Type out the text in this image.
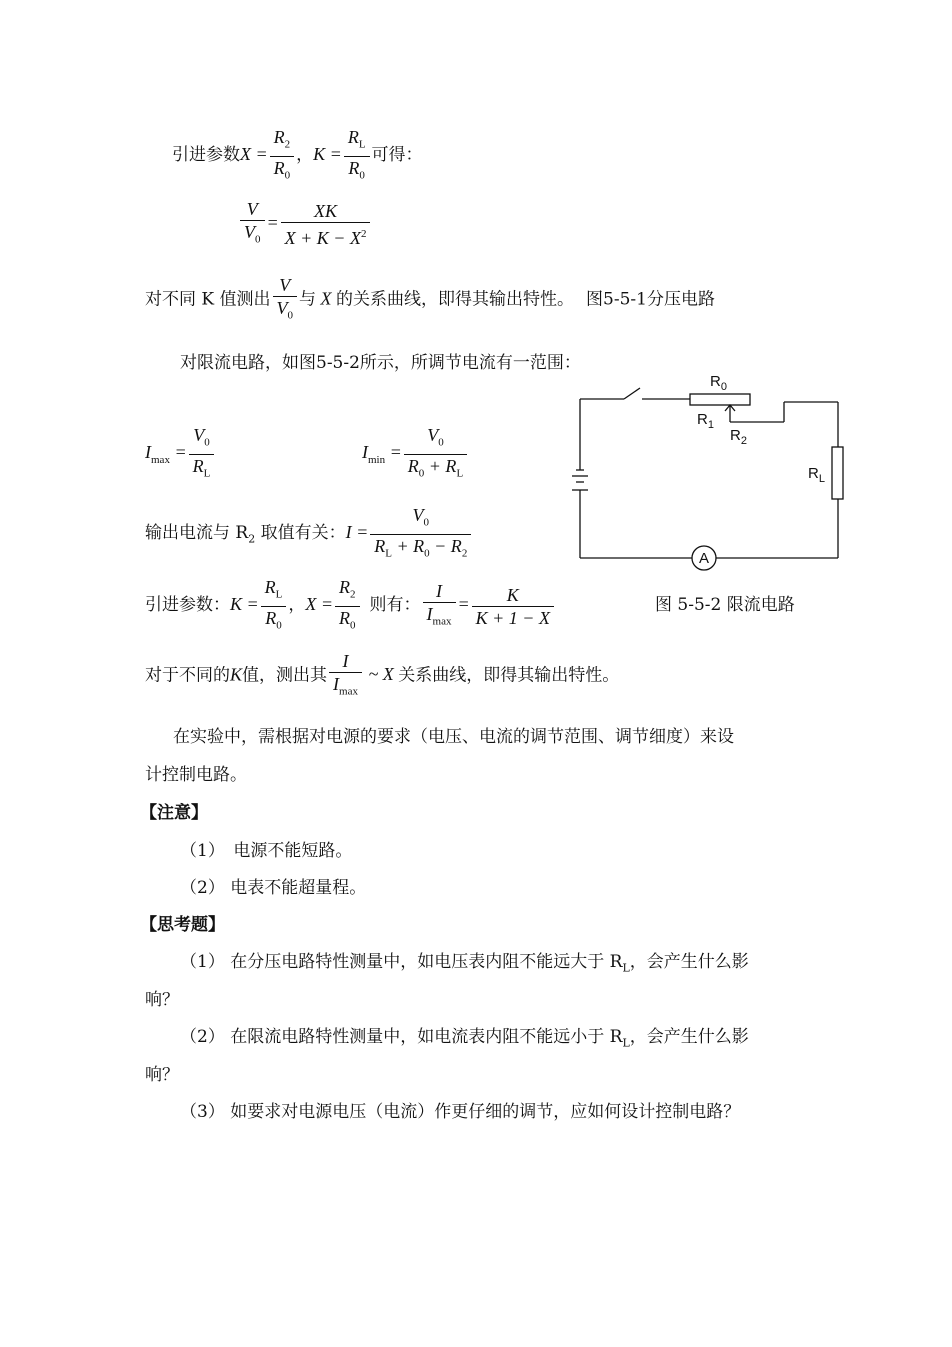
引进参数$X = \frac{R_2}{R_0}$ ，$K = \frac{R_L}{R_0}$ 可得：
$\frac{V}{V_0} = \frac{XK}{X + K - X^2}$
对不同 K 值测出 $\frac{V}{V_0}$ 与 X 的关系曲线，即得其输出特性。 图5-5-1分压电路
对限流电路，如图5-5-2所示，所调节电流有一范围：
$I_{max} = \frac{V_0}{R_L}$	$I_{min} = \frac{V_0}{R_0 + R_L}$
输出电流与 $R_2$ 取值有关：$I = \frac{V_0}{R_L + R_0 - R_2}$
引进参数：$K = \frac{R_L}{R_0}$ ，$X = \frac{R_2}{R_0}$ 则有： $\frac{I}{I_{max}} = \frac{K}{K + 1 - X}$	图 5-5-2 限流电路
对于不同的K值，测出其 $\frac{I}{I_{max}}$ ~ X 关系曲线，即得其输出特性。
在实验中，需根据对电源的要求（电压、电流的调节范围、调节细度）来设
计控制电路。
【注意】
（1）　电源不能短路。
（2） 电表不能超量程。
【思考题】
（1） 在分压电路特性测量中，如电压表内阻不能远大于 $R_L$，会产生什么影
响？
（2） 在限流电路特性测量中，如电流表内阻不能远小于 $R_L$，会产生什么影
响？
（3） 如要求对电源电压（电流）作更仔细的调节，应如何设计控制电路？
$R_0$
$R_1$
$R_2$
$R_L$
A
